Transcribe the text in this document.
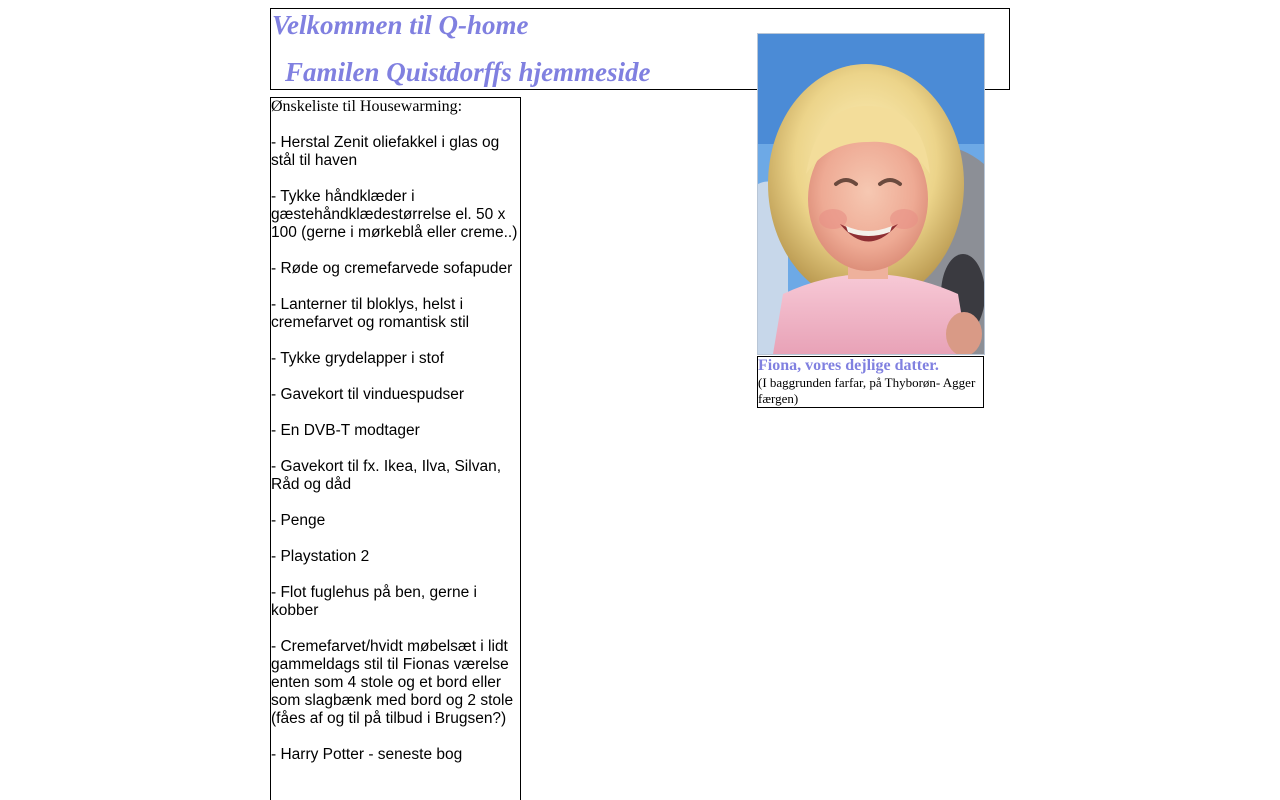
Velkommen til Q-home
Familen Quistdorffs hjemmeside
Ønskeliste til Housewarming:
- Herstal Zenit oliefakkel i glas og stål til haven
- Tykke håndklæder i gæstehåndklædestørrelse el. 50 x 100 (gerne i mørkeblå eller creme..)
- Røde og cremefarvede sofapuder
- Lanterner til bloklys, helst i cremefarvet og romantisk stil
- Tykke grydelapper i stof
- Gavekort til vinduespudser
- En DVB-T modtager
- Gavekort til fx. Ikea, Ilva, Silvan, Råd og dåd
- Penge
- Playstation 2
- Flot fuglehus på ben, gerne i kobber
- Cremefarvet/hvidt møbelsæt i lidt gammeldags stil til Fionas værelse enten som 4 stole og et bord eller som slagbænk med bord og 2 stole (fåes af og til på tilbud i Brugsen?)
- Harry Potter - seneste bog
Fiona, vores dejlige datter.
(I baggrunden farfar, på Thyborøn- Agger færgen)
